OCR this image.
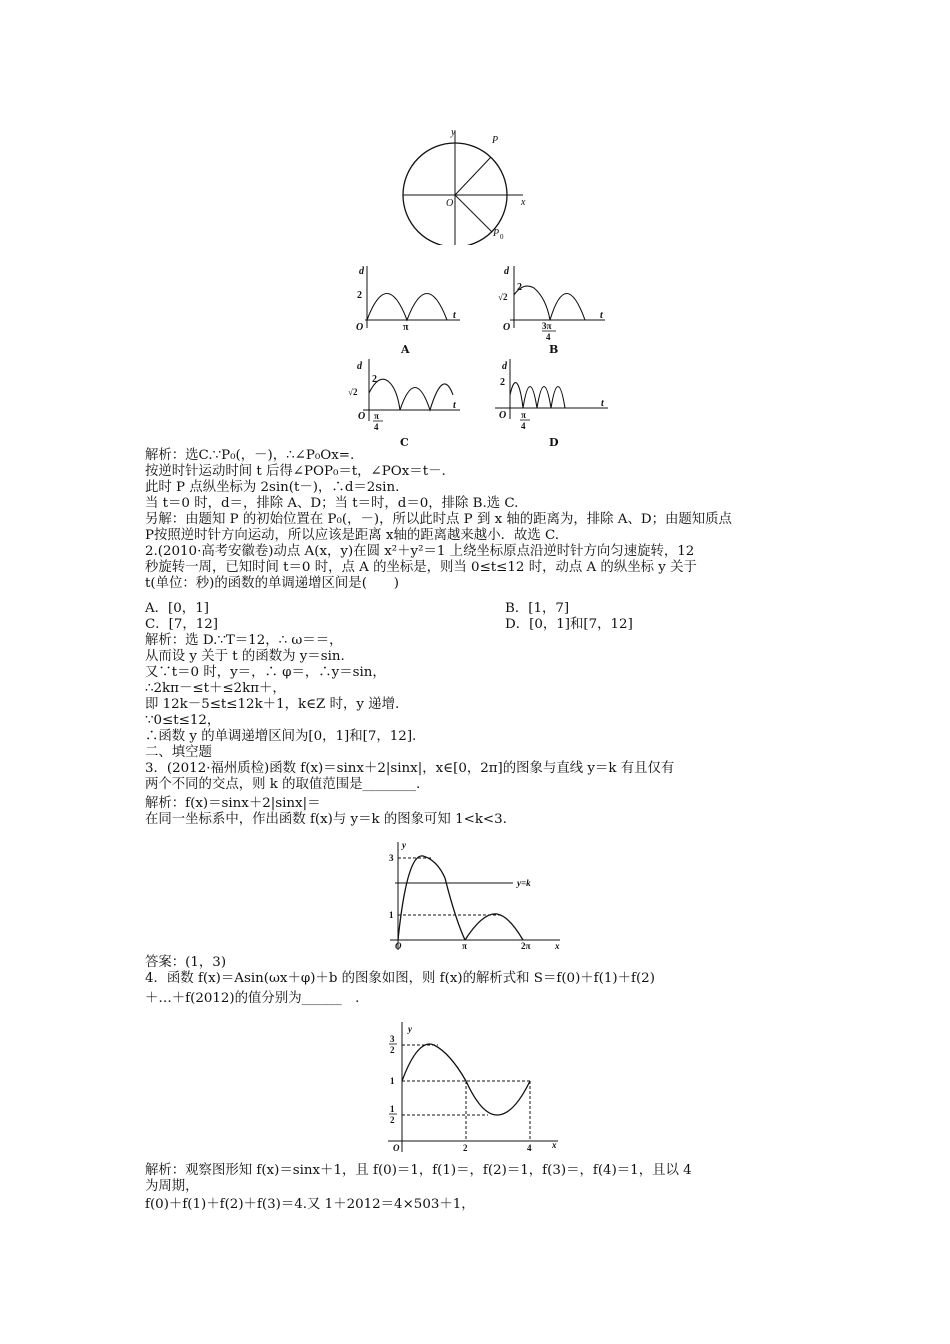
y
x
O
P
P 0
d
t
O
2
π
A
d
t
O
2
√2
3π
4
B
d
t
O
2
√2
π
4
C
d
t
O
2
π
4
D
解析：选C.∵P₀(，－)，∴∠P₀Ox=.
按逆时针运动时间 t 后得∠POP₀＝t，∠POx＝t－.
此时 P 点纵坐标为 2sin(t－)，∴d＝2sin.
当 t＝0 时，d＝，排除 A、D；当 t＝时，d＝0，排除 B.选 C.
另解：由题知 P 的初始位置在 P₀(，－)，所以此时点 P 到 x 轴的距离为，排除 A、D；由题知质点
P按照逆时针方向运动，所以应该是距离 x轴的距离越来越小．故选 C.
2.(2010·高考安徽卷)动点 A(x，y)在圆 x²＋y²＝1 上绕坐标原点沿逆时针方向匀速旋转，12
秒旋转一周，已知时间 t＝0 时，点 A 的坐标是，则当 0≤t≤12 时，动点 A 的纵坐标 y 关于
t(单位：秒)的函数的单调递增区间是(　　)
A．[0，1]	B．[1，7]
C．[7，12]	D．[0，1]和[7，12]
解析：选 D.∵T＝12，∴ ω＝＝，
从而设 y 关于 t 的函数为 y＝sin.
又∵t＝0 时，y＝，∴ φ＝，∴y＝sin，
∴2kπ－≤t＋≤2kπ＋，
即 12k－5≤t≤12k＋1，k∈Z 时，y 递增.
∵0≤t≤12，
∴函数 y 的单调递增区间为[0，1]和[7，12].
二、填空题
3．(2012·福州质检)函数 f(x)＝sinx＋2|sinx|，x∈[0，2π]的图象与直线 y＝k 有且仅有
两个不同的交点，则 k 的取值范围是________.
解析：f(x)＝sinx＋2|sinx|＝
在同一坐标系中，作出函数 f(x)与 y＝k 的图象可知 1<k<3.
y
x
O
3
1
π	2π
y=k
答案：(1，3)
4．函数 f(x)＝Asin(ωx＋φ)＋b 的图象如图，则 f(x)的解析式和 S＝f(0)＋f(1)＋f(2)
＋…＋f(2012)的值分别为______　.
y
x
O
3
2
1
1
2
2	4
解析：观察图形知 f(x)＝sinx＋1，且 f(0)＝1，f(1)＝，f(2)＝1，f(3)＝，f(4)＝1，且以 4
为周期，
f(0)＋f(1)＋f(2)＋f(3)＝4.又 1＋2012＝4×503＋1，
